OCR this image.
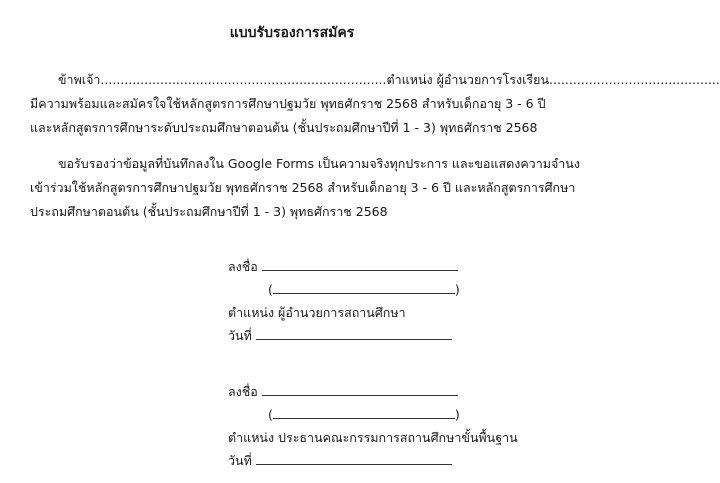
แบบรับรองการสมัคร
ข้าพเจ้า........................................................................ตำแหน่ง ผู้อำนวยการโรงเรียน...........................................
มีความพร้อมและสมัครใจใช้หลักสูตรการศึกษาปฐมวัย พุทธศักราช 2568 สำหรับเด็กอายุ 3 - 6 ปี
และหลักสูตรการศึกษาระดับประถมศึกษาตอนต้น (ชั้นประถมศึกษาปีที่ 1 - 3) พุทธศักราช 2568
ขอรับรองว่าข้อมูลที่บันทึกลงใน Google Forms เป็นความจริงทุกประการ และขอแสดงความจำนง
เข้าร่วมใช้หลักสูตรการศึกษาปฐมวัย พุทธศักราช 2568 สำหรับเด็กอายุ 3 - 6 ปี และหลักสูตรการศึกษา
ประถมศึกษาตอนต้น (ชั้นประถมศึกษาปีที่ 1 - 3) พุทธศักราช 2568
ลงชื่อ
(	)
ตำแหน่ง ผู้อำนวยการสถานศึกษา
วันที่
ลงชื่อ
(	)
ตำแหน่ง ประธานคณะกรรมการสถานศึกษาขั้นพื้นฐาน
วันที่
